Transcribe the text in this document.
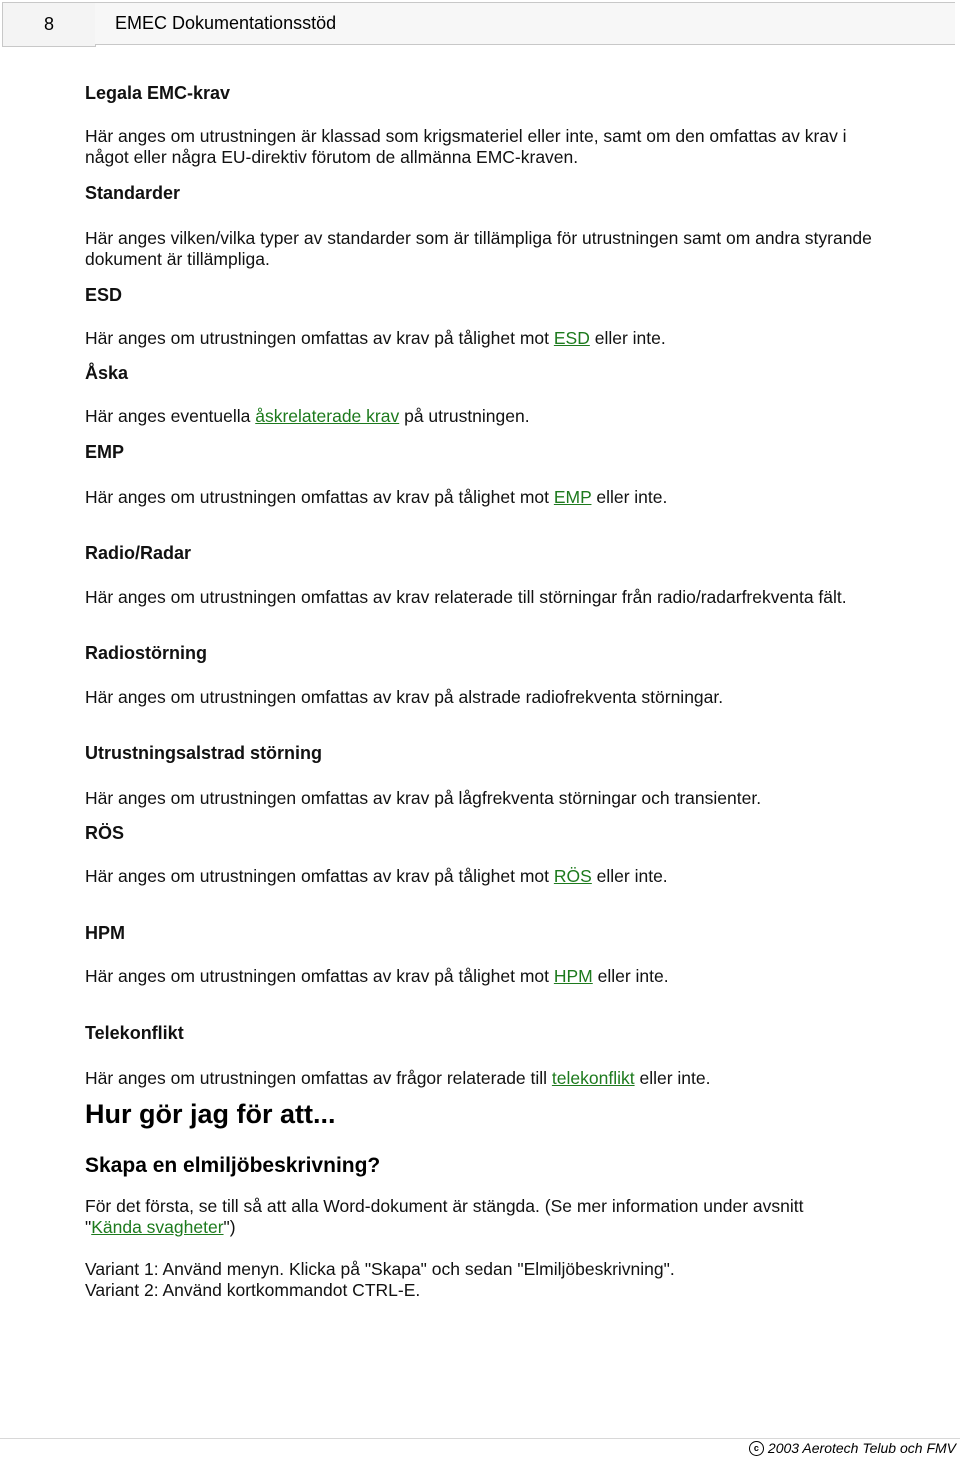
8	EMEC Dokumentationsstöd
Legala EMC-krav
Här anges om utrustningen är klassad som krigsmateriel eller inte, samt om den omfattas av krav i
något eller några EU-direktiv förutom de allmänna EMC-kraven.
Standarder
Här anges vilken/vilka typer av standarder som är tillämpliga för utrustningen samt om andra styrande
dokument är tillämpliga.
ESD
Här anges om utrustningen omfattas av krav på tålighet mot ESD eller inte.
Åska
Här anges eventuella åskrelaterade krav på utrustningen.
EMP
Här anges om utrustningen omfattas av krav på tålighet mot EMP eller inte.
Radio/Radar
Här anges om utrustningen omfattas av krav relaterade till störningar från radio/radarfrekventa fält.
Radiostörning
Här anges om utrustningen omfattas av krav på alstrade radiofrekventa störningar.
Utrustningsalstrad störning
Här anges om utrustningen omfattas av krav på lågfrekventa störningar och transienter.
RÖS
Här anges om utrustningen omfattas av krav på tålighet mot RÖS eller inte.
HPM
Här anges om utrustningen omfattas av krav på tålighet mot HPM eller inte.
Telekonflikt
Här anges om utrustningen omfattas av frågor relaterade till telekonflikt eller inte.
Hur gör jag för att...
Skapa en elmiljöbeskrivning?
För det första, se till så att alla Word-dokument är stängda. (Se mer information under avsnitt
"Kända svagheter")
Variant 1: Använd menyn. Klicka på "Skapa" och sedan "Elmiljöbeskrivning".
Variant 2: Använd kortkommandot CTRL-E.
c 2003 Aerotech Telub och FMV
